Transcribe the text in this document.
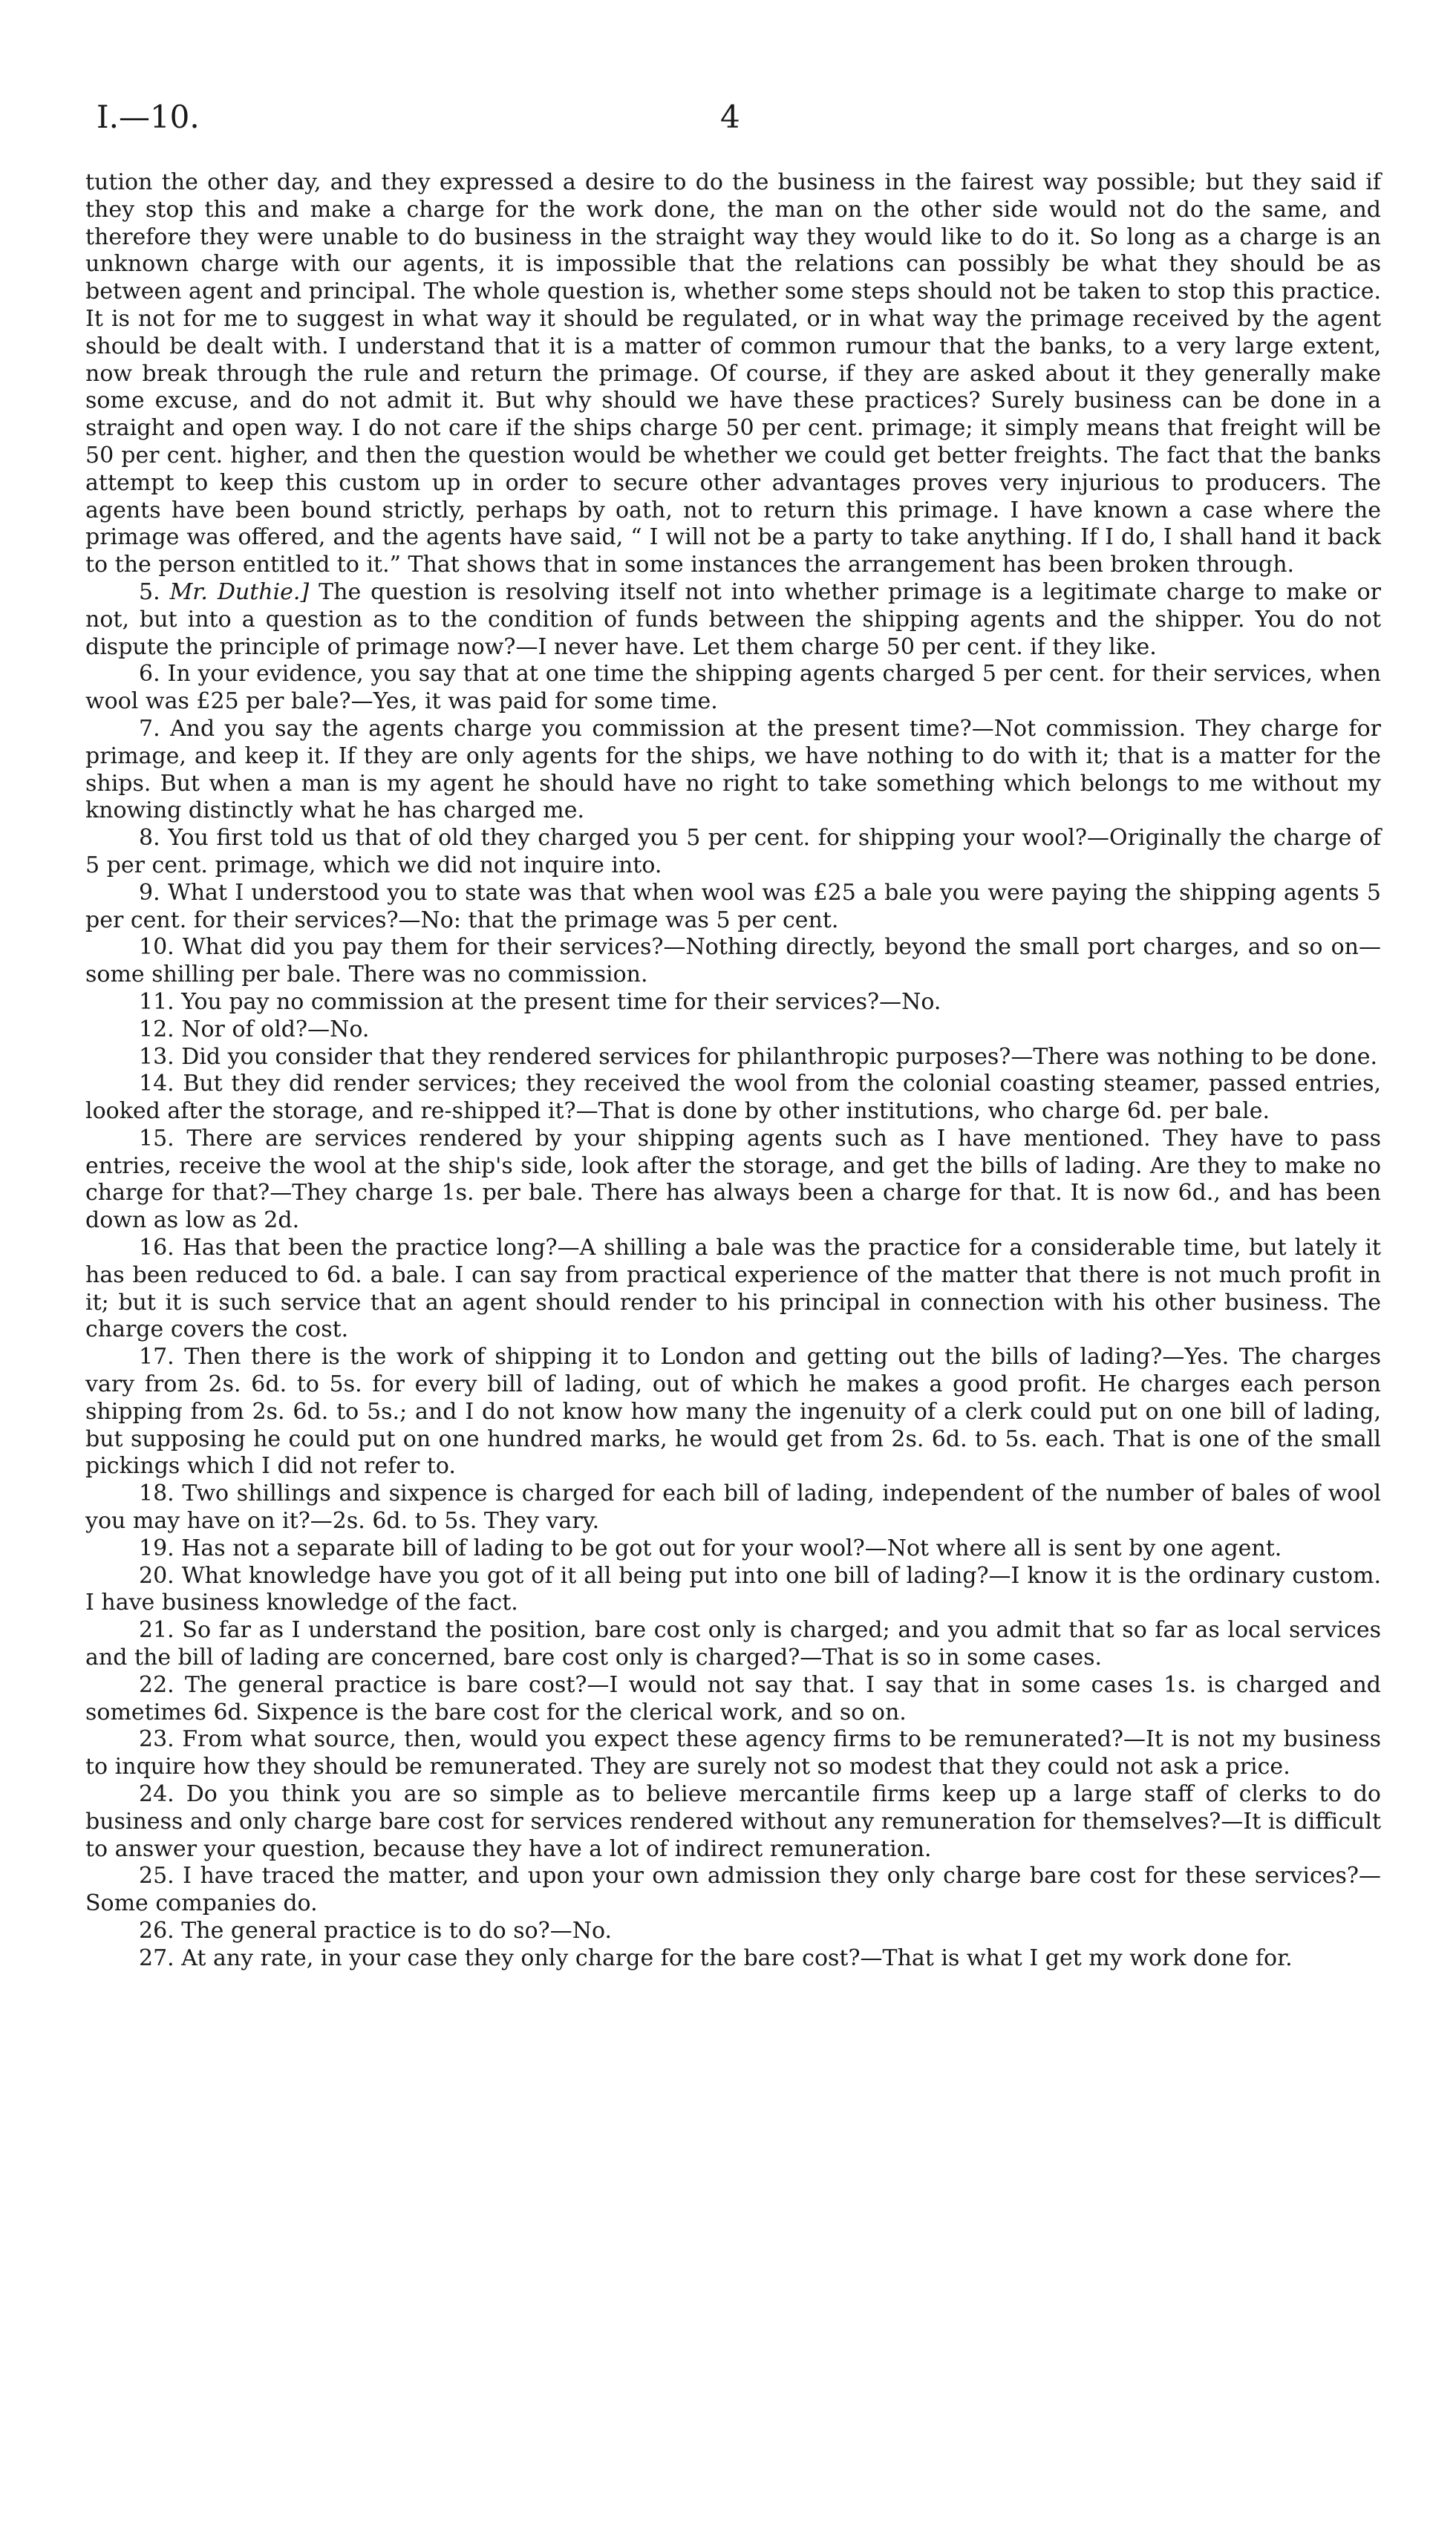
I.—10.	4

tution the other day, and they expressed a desire to do the business in the fairest way possible; but they said if they stop this and make a charge for the work done, the man on the other side would not do the same, and therefore they were unable to do business in the straight way they would like to do it. So long as a charge is an unknown charge with our agents, it is impossible that the relations can possibly be what they should be as between agent and principal. The whole question is, whether some steps should not be taken to stop this practice. It is not for me to suggest in what way it should be regulated, or in what way the primage received by the agent should be dealt with. I understand that it is a matter of common rumour that the banks, to a very large extent, now break through the rule and return the primage. Of course, if they are asked about it they generally make some excuse, and do not admit it. But why should we have these practices? Surely business can be done in a straight and open way. I do not care if the ships charge 50 per cent. primage; it simply means that freight will be 50 per cent. higher, and then the question would be whether we could get better freights. The fact that the banks attempt to keep this custom up in order to secure other advantages proves very injurious to producers. The agents have been bound strictly, perhaps by oath, not to return this primage. I have known a case where the primage was offered, and the agents have said, “ I will not be a party to take anything. If I do, I shall hand it back to the person entitled to it.” That shows that in some instances the arrangement has been broken through.

5. Mr. Duthie.] The question is resolving itself not into whether primage is a legitimate charge to make or not, but into a question as to the condition of funds between the shipping agents and the shipper. You do not dispute the principle of primage now?—I never have. Let them charge 50 per cent. if they like.

6. In your evidence, you say that at one time the shipping agents charged 5 per cent. for their services, when wool was £25 per bale?—Yes, it was paid for some time.

7. And you say the agents charge you commission at the present time?—Not commission. They charge for primage, and keep it. If they are only agents for the ships, we have nothing to do with it; that is a matter for the ships. But when a man is my agent he should have no right to take something which belongs to me without my knowing distinctly what he has charged me.

8. You first told us that of old they charged you 5 per cent. for shipping your wool?—Originally the charge of 5 per cent. primage, which we did not inquire into.

9. What I understood you to state was that when wool was £25 a bale you were paying the shipping agents 5 per cent. for their services?—No: that the primage was 5 per cent.

10. What did you pay them for their services?—Nothing directly, beyond the small port charges, and so on—some shilling per bale. There was no commission.

11. You pay no commission at the present time for their services?—No.

12. Nor of old?—No.

13. Did you consider that they rendered services for philanthropic purposes?—There was nothing to be done.

14. But they did render services; they received the wool from the colonial coasting steamer, passed entries, looked after the storage, and re-shipped it?—That is done by other institutions, who charge 6d. per bale.

15. There are services rendered by your shipping agents such as I have mentioned. They have to pass entries, receive the wool at the ship's side, look after the storage, and get the bills of lading. Are they to make no charge for that?—They charge 1s. per bale. There has always been a charge for that. It is now 6d., and has been down as low as 2d.

16. Has that been the practice long?—A shilling a bale was the practice for a considerable time, but lately it has been reduced to 6d. a bale. I can say from practical experience of the matter that there is not much profit in it; but it is such service that an agent should render to his principal in connection with his other business. The charge covers the cost.

17. Then there is the work of shipping it to London and getting out the bills of lading?—Yes. The charges vary from 2s. 6d. to 5s. for every bill of lading, out of which he makes a good profit. He charges each person shipping from 2s. 6d. to 5s.; and I do not know how many the ingenuity of a clerk could put on one bill of lading, but supposing he could put on one hundred marks, he would get from 2s. 6d. to 5s. each. That is one of the small pickings which I did not refer to.

18. Two shillings and sixpence is charged for each bill of lading, independent of the number of bales of wool you may have on it?—2s. 6d. to 5s. They vary.

19. Has not a separate bill of lading to be got out for your wool?—Not where all is sent by one agent.

20. What knowledge have you got of it all being put into one bill of lading?—I know it is the ordinary custom. I have business knowledge of the fact.

21. So far as I understand the position, bare cost only is charged; and you admit that so far as local services and the bill of lading are concerned, bare cost only is charged?—That is so in some cases.

22. The general practice is bare cost?—I would not say that. I say that in some cases 1s. is charged and sometimes 6d. Sixpence is the bare cost for the clerical work, and so on.

23. From what source, then, would you expect these agency firms to be remunerated?—It is not my business to inquire how they should be remunerated. They are surely not so modest that they could not ask a price.

24. Do you think you are so simple as to believe mercantile firms keep up a large staff of clerks to do business and only charge bare cost for services rendered without any remuneration for themselves?—It is difficult to answer your question, because they have a lot of indirect remuneration.

25. I have traced the matter, and upon your own admission they only charge bare cost for these services?—Some companies do.

26. The general practice is to do so?—No.

27. At any rate, in your case they only charge for the bare cost?—That is what I get my work done for.
